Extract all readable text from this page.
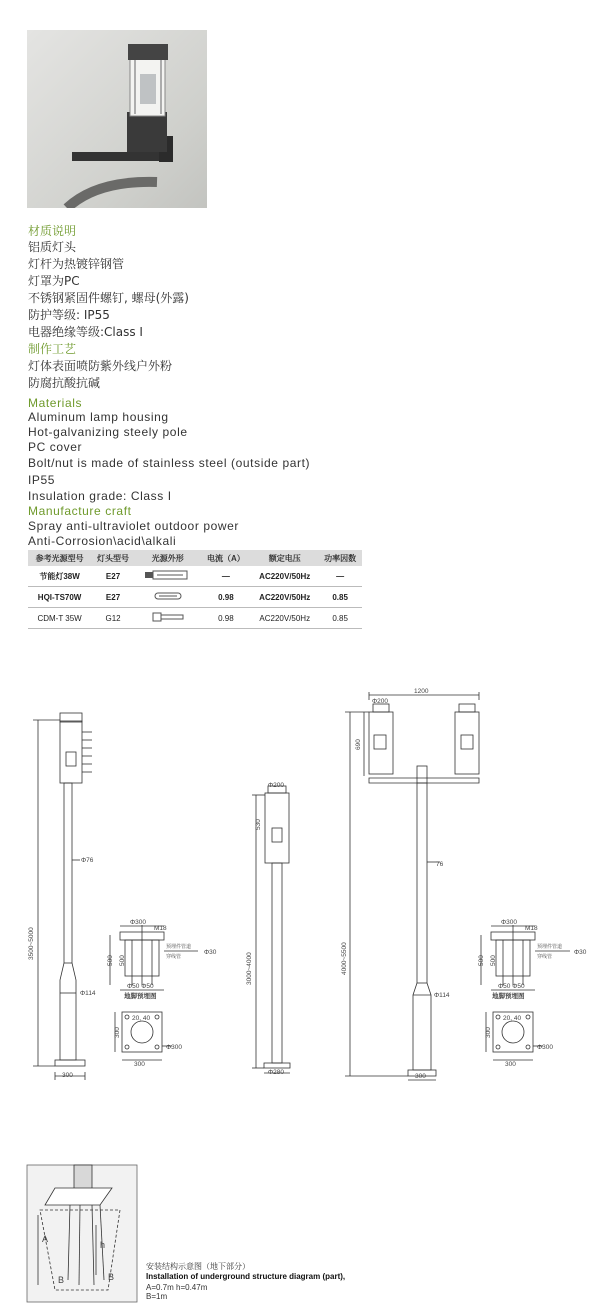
材质说明
铝质灯头
灯杆为热镀锌钢管
灯罩为PC
不锈钢紧固件螺钉, 螺母(外露)
防护等级: IP55
电器绝缘等级:Class I
制作工艺
灯体表面喷防紫外线户外粉
防腐抗酸抗碱
Materials
Aluminum lamp housing
Hot-galvanizing steely pole
PC cover
Bolt/nut is made of stainless steel (outside part)
IP55
Insulation grade: Class I
Manufacture craft
Spray anti-ultraviolet outdoor power
Anti-Corrosion\acid\alkali
参考光源型号	灯头型号	光源外形	电流（A）	额定电压	功率因数
节能灯38W	E27		—	AC220V/50Hz	—
HQI-TS70W	E27		0.98	AC220V/50Hz	0.85
CDM-T 35W	G12		0.98	AC220V/50Hz	0.85
3500~5000
Φ76
Φ114
300
Φ200
530
3000~4000
Φ280
1200
Φ200
690
4000~5500
76
Φ114
300
Φ300
M18
Φ30
预埋件管道
穿线管
500 500
Φ50 Φ50
地脚预埋图
20, 40
300
300
Φ300
Φ300
M18
Φ30
预埋件管道
穿线管
500 500
Φ50 Φ50
地脚预埋图
20, 40
300
300
Φ300
A
B	B
h
安装结构示意图（地下部分）
Installation of underground structure diagram (part),
A=0.7m h=0.47m
B=1m
